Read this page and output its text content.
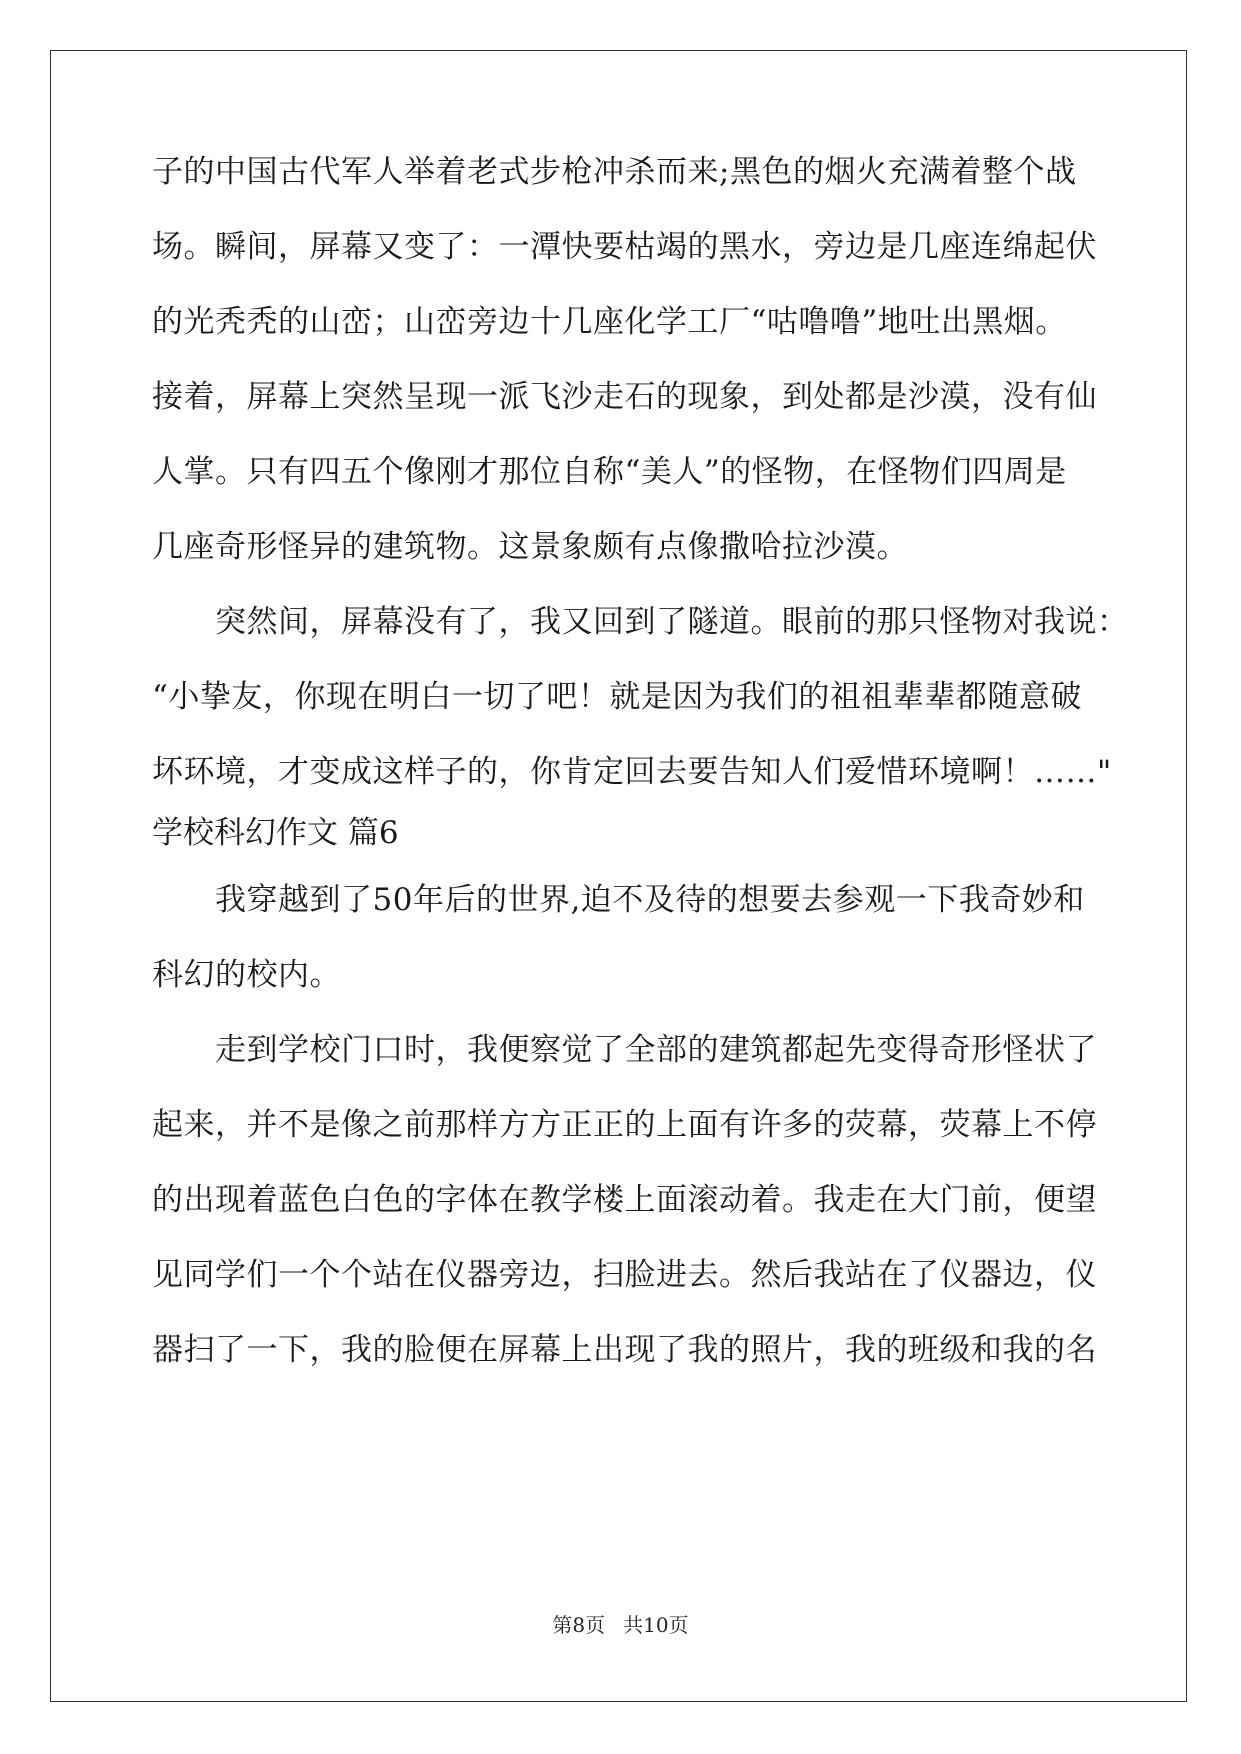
子的中国古代军人举着老式步枪冲杀而来;黑色的烟火充满着整个战
场。瞬间，屏幕又变了：一潭快要枯竭的黑水，旁边是几座连绵起伏
的光秃秃的山峦；山峦旁边十几座化学工厂“咕噜噜”地吐出黑烟。
接着，屏幕上突然呈现一派飞沙走石的现象，到处都是沙漠，没有仙
人掌。只有四五个像刚才那位自称“美人”的怪物，在怪物们四周是
几座奇形怪异的建筑物。这景象颇有点像撒哈拉沙漠。
突然间，屏幕没有了，我又回到了隧道。眼前的那只怪物对我说：
“小挚友，你现在明白一切了吧！就是因为我们的祖祖辈辈都随意破
坏环境，才变成这样子的，你肯定回去要告知人们爱惜环境啊！……"
学校科幻作文 篇6
我穿越到了50年后的世界,迫不及待的想要去参观一下我奇妙和
科幻的校内。
走到学校门口时，我便察觉了全部的建筑都起先变得奇形怪状了
起来，并不是像之前那样方方正正的上面有许多的荧幕，荧幕上不停
的出现着蓝色白色的字体在教学楼上面滚动着。我走在大门前，便望
见同学们一个个站在仪器旁边，扫脸进去。然后我站在了仪器边，仪
器扫了一下，我的脸便在屏幕上出现了我的照片，我的班级和我的名
第8页 共10页
